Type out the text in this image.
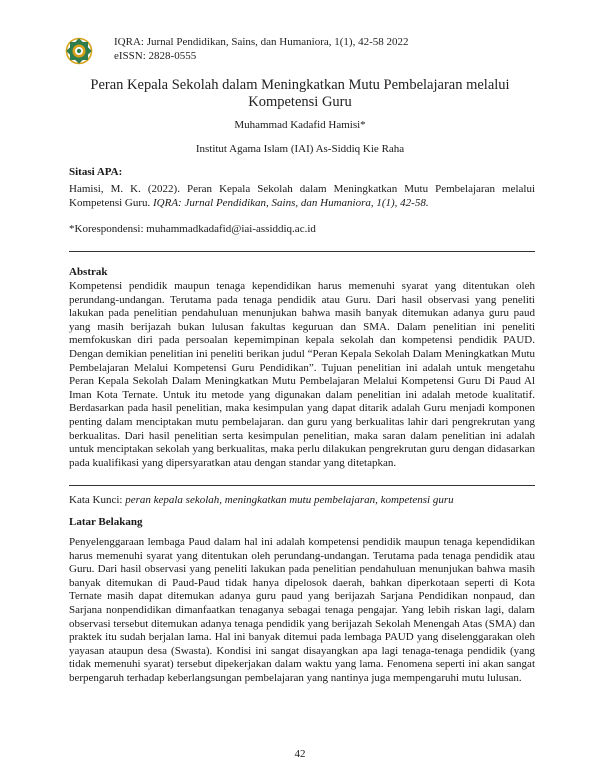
IQRA: Jurnal Pendidikan, Sains, dan Humaniora, 1(1), 42-58 2022
eISSN: 2828-0555
Peran Kepala Sekolah dalam Meningkatkan Mutu Pembelajaran melalui Kompetensi Guru
Muhammad Kadafid Hamisi*
Institut Agama Islam (IAI) As-Siddiq Kie Raha
Sitasi APA:
Hamisi, M. K. (2022). Peran Kepala Sekolah dalam Meningkatkan Mutu Pembelajaran melalui Kompetensi Guru. IQRA: Jurnal Pendidikan, Sains, dan Humaniora, 1(1), 42-58.
*Korespondensi: muhammadkadafid@iai-assiddiq.ac.id
Abstrak
Kompetensi pendidik maupun tenaga kependidikan harus memenuhi syarat yang ditentukan oleh perundang-undangan. Terutama pada tenaga pendidik atau Guru. Dari hasil observasi yang peneliti lakukan pada penelitian pendahuluan menunjukan bahwa masih banyak ditemukan adanya guru paud yang masih berijazah bukan lulusan fakultas keguruan dan SMA. Dalam penelitian ini peneliti memfokuskan diri pada persoalan kepemimpinan kepala sekolah dan kompetensi pendidik PAUD. Dengan demikian penelitian ini peneliti berikan judul “Peran Kepala Sekolah Dalam Meningkatkan Mutu Pembelajaran Melalui Kompetensi Guru Pendidikan”. Tujuan penelitian ini adalah untuk mengetahu Peran Kepala Sekolah Dalam Meningkatkan Mutu Pembelajaran Melalui Kompetensi Guru Di Paud Al Iman Kota Ternate. Untuk itu metode yang digunakan dalam penelitian ini adalah metode kualitatif. Berdasarkan pada hasil penelitian, maka kesimpulan yang dapat ditarik adalah Guru menjadi komponen penting dalam menciptakan mutu pembelajaran. dan guru yang berkualitas lahir dari pengrekrutan yang berkualitas. Dari hasil penelitian serta kesimpulan penelitian, maka saran dalam penelitian ini adalah untuk menciptakan sekolah yang berkualitas, maka perlu dilakukan pengrekrutan guru dengan didasarkan pada kualifikasi yang dipersyaratkan atau dengan standar yang ditetapkan.
Kata Kunci: peran kepala sekolah, meningkatkan mutu pembelajaran, kompetensi guru
Latar Belakang
Penyelenggaraan lembaga Paud dalam hal ini adalah kompetensi pendidik maupun tenaga kependidikan harus memenuhi syarat yang ditentukan oleh perundang-undangan. Terutama pada tenaga pendidik atau Guru. Dari hasil observasi yang peneliti lakukan pada penelitian pendahuluan menunjukan bahwa masih banyak ditemukan di Paud-Paud tidak hanya dipelosok daerah, bahkan diperkotaan seperti di Kota Ternate masih dapat ditemukan adanya guru paud yang berijazah Sarjana Pendidikan nonpaud, dan Sarjana nonpendidikan dimanfaatkan tenaganya sebagai tenaga pengajar. Yang lebih riskan lagi, dalam observasi tersebut ditemukan adanya tenaga pendidik yang berijazah Sekolah Menengah Atas (SMA) dan praktek itu sudah berjalan lama. Hal ini banyak ditemui pada lembaga PAUD yang diselenggarakan oleh yayasan ataupun desa (Swasta). Kondisi ini sangat disayangkan apa lagi tenaga-tenaga pendidik (yang tidak memenuhi syarat) tersebut dipekerjakan dalam waktu yang lama. Fenomena seperti ini akan sangat berpengaruh terhadap keberlangsungan pembelajaran yang nantinya juga mempengaruhi mutu lulusan.
42
